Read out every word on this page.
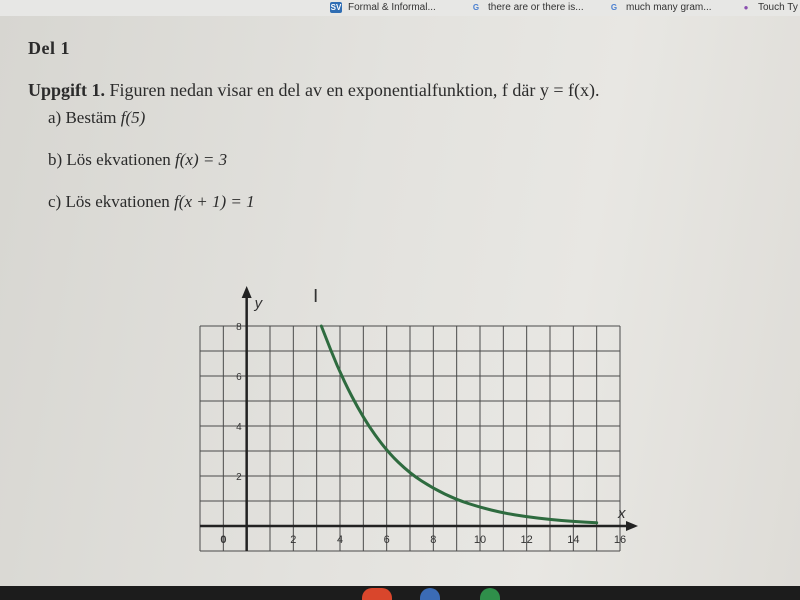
SV Formal & Informal...	G there are or there is...	G much many gram...	● Touch Ty
Del 1
Uppgift 1. Figuren nedan visar en del av en exponentialfunktion, f där y = f(x).
a) Bestäm f(5)
b) Lös ekvationen f(x) = 3
c) Lös ekvationen f(x + 1) = 1
2	4	6	8	10	12	14	16
2
4
6
8
x
y
0
I
